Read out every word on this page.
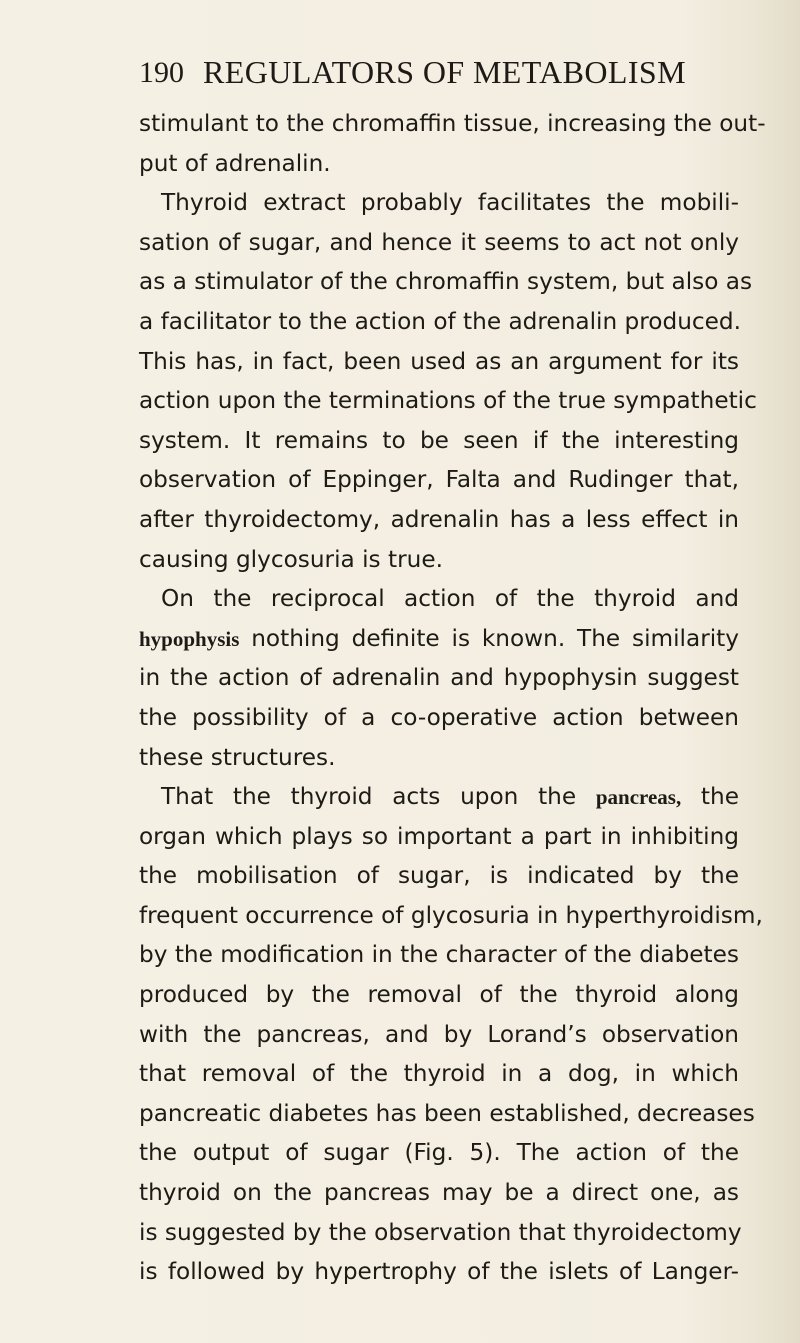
190 REGULATORS OF METABOLISM
stimulant to the chromaffin tissue, increasing the out-
put of adrenalin.
Thyroid extract probably facilitates the mobili-
sation of sugar, and hence it seems to act not only
as a stimulator of the chromaffin system, but also as
a facilitator to the action of the adrenalin produced.
This has, in fact, been used as an argument for its
action upon the terminations of the true sympathetic
system. It remains to be seen if the interesting
observation of Eppinger, Falta and Rudinger that,
after thyroidectomy, adrenalin has a less effect in
causing glycosuria is true.
On the reciprocal action of the thyroid and
hypophysis nothing definite is known. The similarity
in the action of adrenalin and hypophysin suggest
the possibility of a co-operative action between
these structures.
That the thyroid acts upon the pancreas, the
organ which plays so important a part in inhibiting
the mobilisation of sugar, is indicated by the
frequent occurrence of glycosuria in hyperthyroidism,
by the modification in the character of the diabetes
produced by the removal of the thyroid along
with the pancreas, and by Lorand’s observation
that removal of the thyroid in a dog, in which
pancreatic diabetes has been established, decreases
the output of sugar (Fig. 5). The action of the
thyroid on the pancreas may be a direct one, as
is suggested by the observation that thyroidectomy
is followed by hypertrophy of the islets of Langer-
